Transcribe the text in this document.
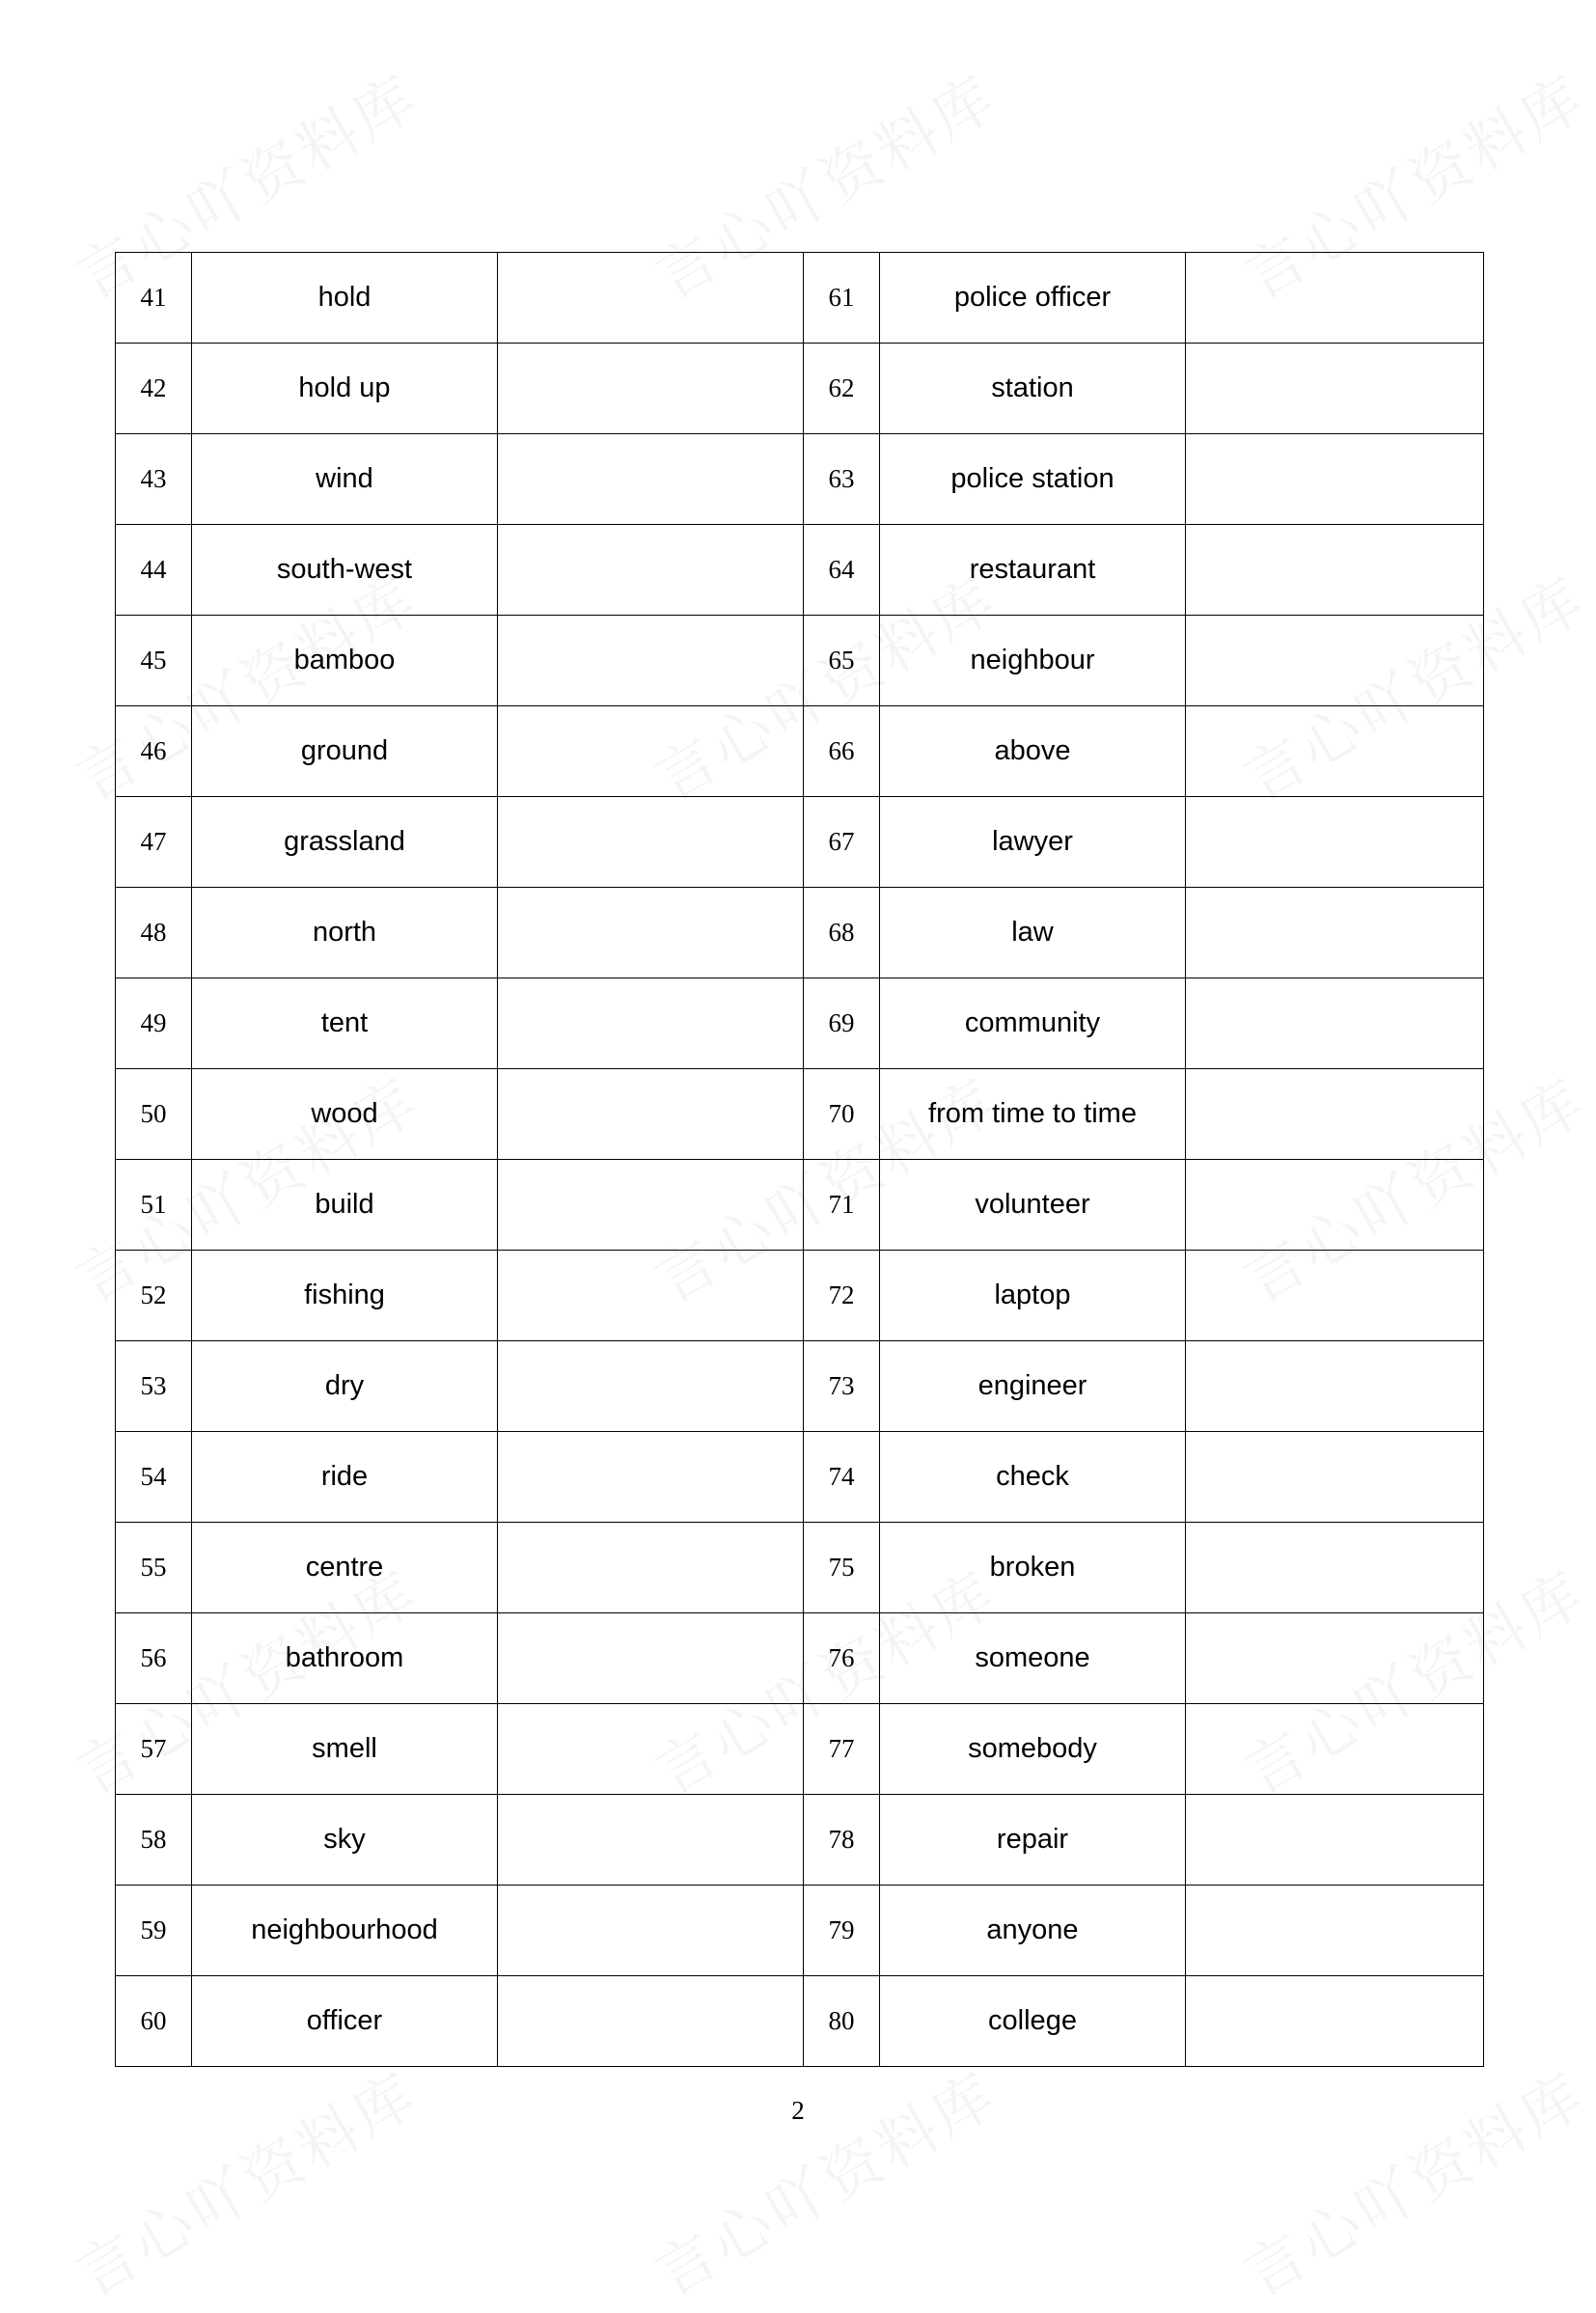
41	hold		61	police officer	
42	hold up		62	station	
43	wind		63	police station	
44	south-west		64	restaurant	
45	bamboo		65	neighbour	
46	ground		66	above	
47	grassland		67	lawyer	
48	north		68	law	
49	tent		69	community	
50	wood		70	from time to time	
51	build		71	volunteer	
52	fishing		72	laptop	
53	dry		73	engineer	
54	ride		74	check	
55	centre		75	broken	
56	bathroom		76	someone	
57	smell		77	somebody	
58	sky		78	repair	
59	neighbourhood		79	anyone	
60	officer		80	college	
2
